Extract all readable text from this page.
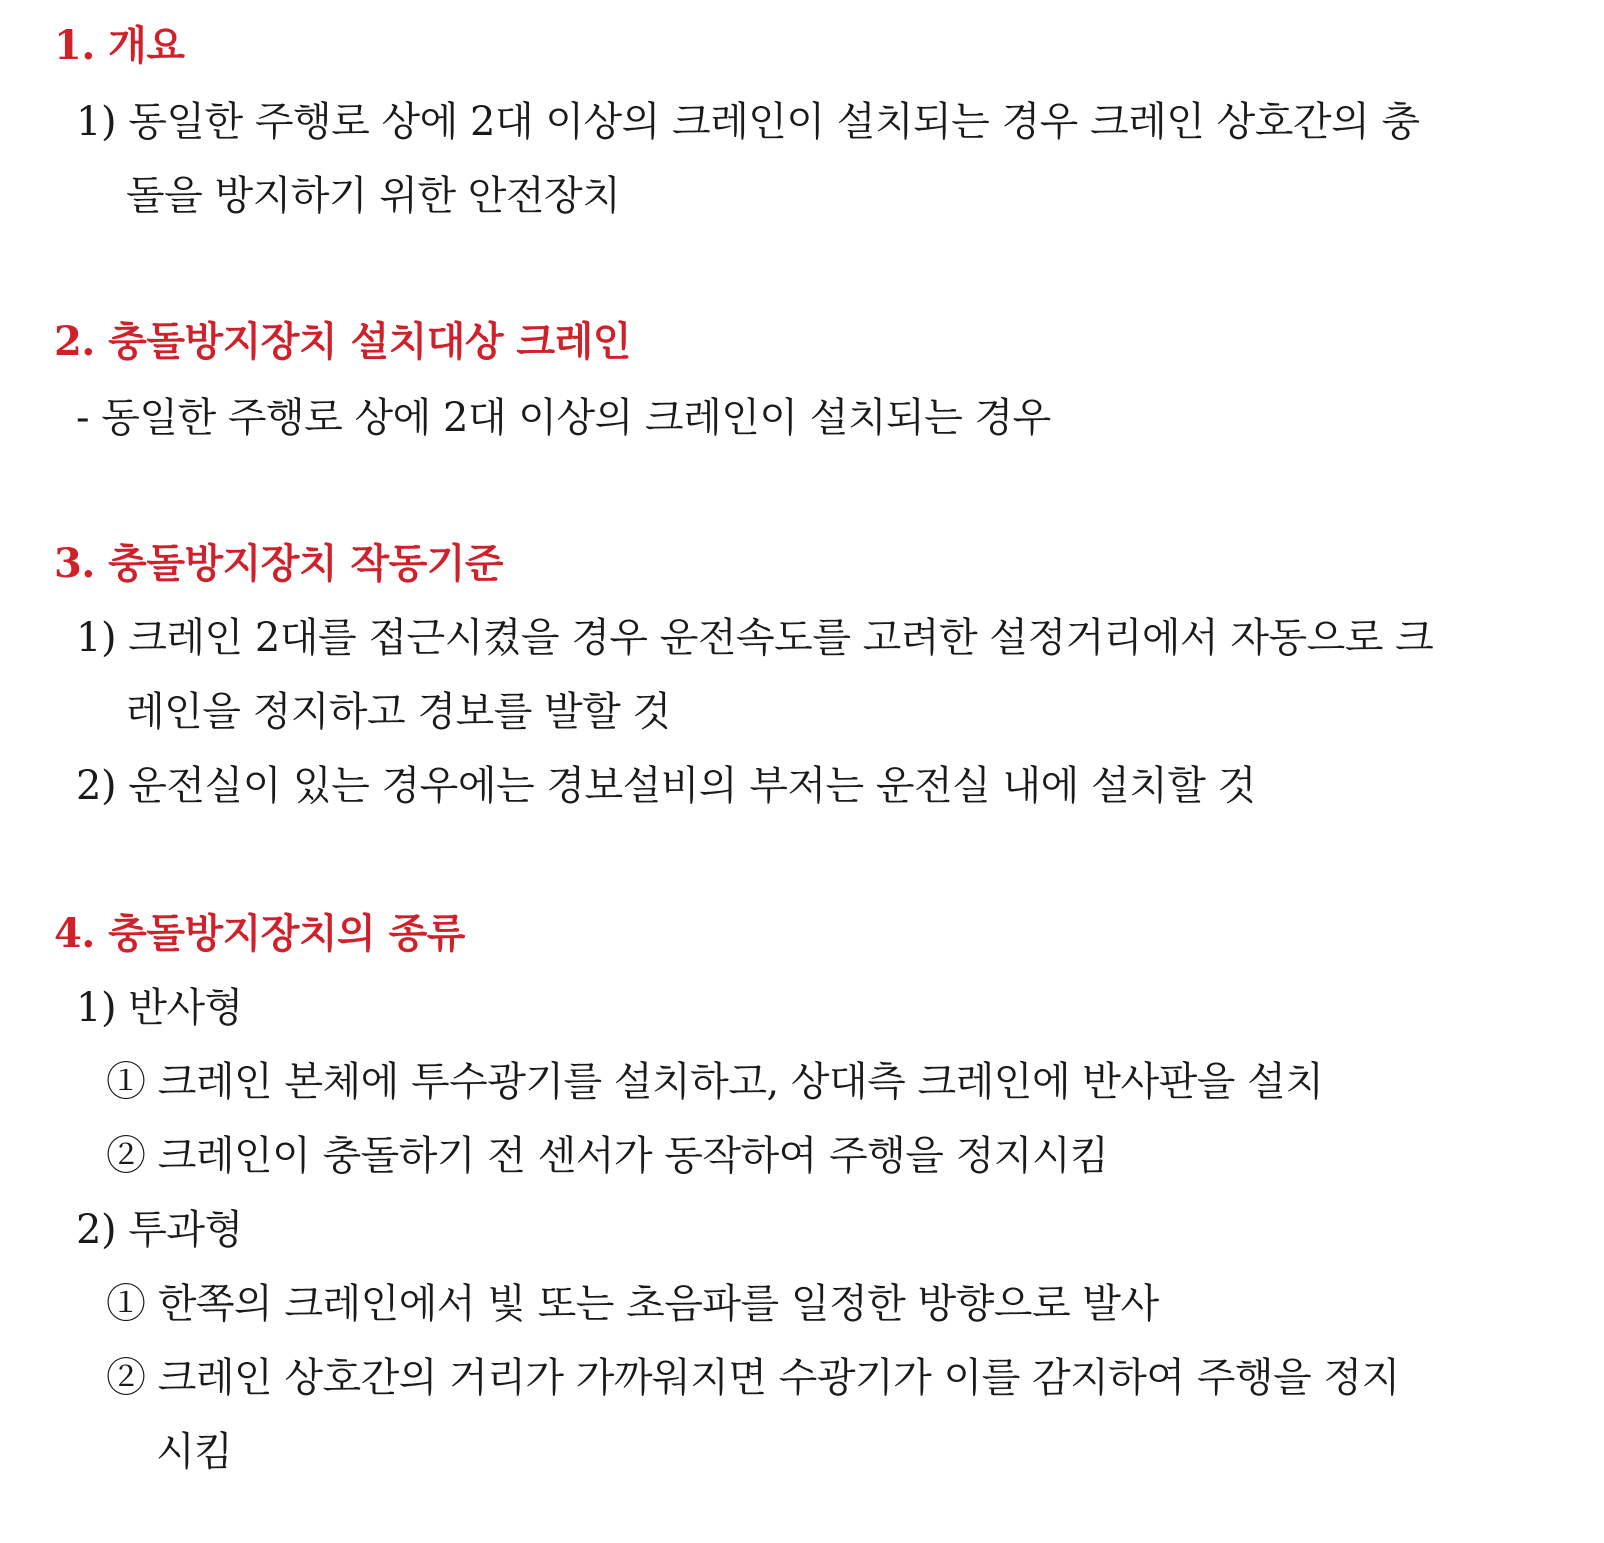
1. 개요
1) 동일한 주행로 상에 2대 이상의 크레인이 설치되는 경우 크레인 상호간의 충
돌을 방지하기 위한 안전장치
2. 충돌방지장치 설치대상 크레인
- 동일한 주행로 상에 2대 이상의 크레인이 설치되는 경우
3. 충돌방지장치 작동기준
1) 크레인 2대를 접근시켰을 경우 운전속도를 고려한 설정거리에서 자동으로 크
레인을 정지하고 경보를 발할 것
2) 운전실이 있는 경우에는 경보설비의 부저는 운전실 내에 설치할 것
4. 충돌방지장치의 종류
1) 반사형
① 크레인 본체에 투수광기를 설치하고, 상대측 크레인에 반사판을 설치
② 크레인이 충돌하기 전 센서가 동작하여 주행을 정지시킴
2) 투과형
① 한쪽의 크레인에서 빛 또는 초음파를 일정한 방향으로 발사
② 크레인 상호간의 거리가 가까워지면 수광기가 이를 감지하여 주행을 정지
시킴
